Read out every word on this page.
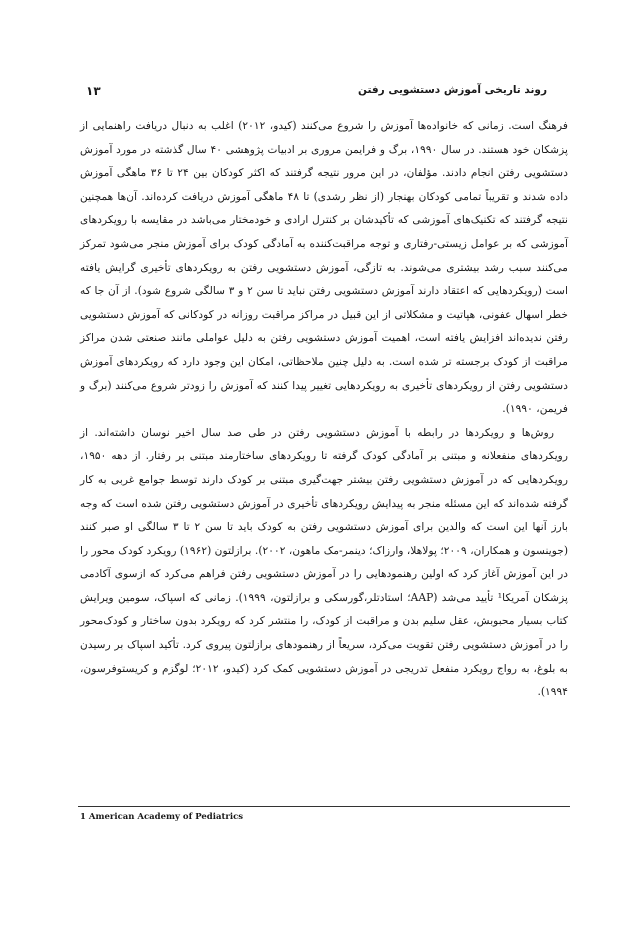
روند تاریخی آموزش دستشویی رفتن
۱۳

فرهنگ است. زمانی که خانواده‌ها آموزش را شروع می‌کنند (کیدو، ۲۰۱۲) اغلب به دنبال دریافت راهنمایی از پزشکان خود هستند. در سال ۱۹۹۰، برگ و فرایمن مروری بر ادبیات پژوهشی ۴۰ سال گذشته در مورد آموزش دستشویی رفتن انجام دادند. مؤلفان، در این مرور نتیجه گرفتند که اکثر کودکان بین ۲۴ تا ۳۶ ماهگی آموزش داده شدند و تقریباً تمامی کودکان بهنجار (از نظر رشدی) تا ۴۸ ماهگی آموزش دریافت کرده‌اند. آن‌ها همچنین نتیجه گرفتند که تکنیک‌های آموزشی که تأکیدشان بر کنترل ارادی و خودمختار می‌باشد در مقایسه با رویکردهای آموزشی که بر عوامل زیستی-رفتاری و توجه مراقبت‌کننده به آمادگی کودک برای آموزش منجر می‌شود تمرکز می‌کنند سبب رشد بیشتری می‌شوند. به تازگی، آموزش دستشویی رفتن به رویکردهای تأخیری گرایش یافته است (رویکردهایی که اعتقاد دارند آموزش دستشویی رفتن نباید تا سن ۲ و ۳ سالگی شروع شود). از آن جا که خطر اسهال عفونی، هپاتیت و مشکلاتی از این قبیل در مراکز مراقبت روزانه در کودکانی که آموزش دستشویی رفتن ندیده‌اند افزایش یافته است، اهمیت آموزش دستشویی رفتن به دلیل عواملی مانند صنعتی شدن مراکز مراقبت از کودک برجسته تر شده است. به دلیل چنین ملاحظاتی، امکان این وجود دارد که رویکردهای آموزش دستشویی رفتن از رویکردهای تأخیری به رویکردهایی تغییر پیدا کنند که آموزش را زودتر شروع می‌کنند (برگ و فریمن، ۱۹۹۰).

روش‌ها و رویکردها در رابطه با آموزش دستشویی رفتن در طی صد سال اخیر نوسان داشته‌اند. از رویکردهای منفعلانه و مبتنی بر آمادگی کودک گرفته تا رویکردهای ساختارمند مبتنی بر رفتار. از دهه ۱۹۵۰، رویکردهایی که در آموزش دستشویی رفتن بیشتر جهت‌گیری مبتنی بر کودک دارند توسط جوامع غربی به کار گرفته شده‌اند که این مسئله منجر به پیدایش رویکردهای تأخیری در آموزش دستشویی رفتن شده است که وجه بارز آنها این است که والدین برای آموزش دستشویی رفتن به کودک باید تا سن ۲ تا ۳ سالگی او صبر کنند (جوینسون و همکاران، ۲۰۰۹؛ پولاهلا، وارزاک؛ دینمر-مک ماهون، ۲۰۰۲). برازلتون (۱۹۶۲) رویکرد کودک محور را در این آموزش آغاز کرد که اولین رهنمودهایی را در آموزش دستشویی رفتن فراهم می‌کرد که ازسوی آکادمی پزشکان آمریکا¹ تأیید می‌شد (AAP؛ استادتلر،گورسکی و برازلتون، ۱۹۹۹). زمانی که اسپاک، سومین ویرایش کتاب بسیار محبوبش، عقل سلیم بدن و مراقبت از کودک، را منتشر کرد که رویکرد بدون ساختار و کودک‌محور را در آموزش دستشویی رفتن تقویت می‌کرد، سریعاً از رهنمودهای برازلتون پیروی کرد. تأکید اسپاک بر رسیدن به بلوغ، به رواج رویکرد منفعل تدریجی در آموزش دستشویی کمک کرد (کیدو، ۲۰۱۲؛ لوگزم و کریستوفرسون، ۱۹۹۴).

1 American Academy of Pediatrics
